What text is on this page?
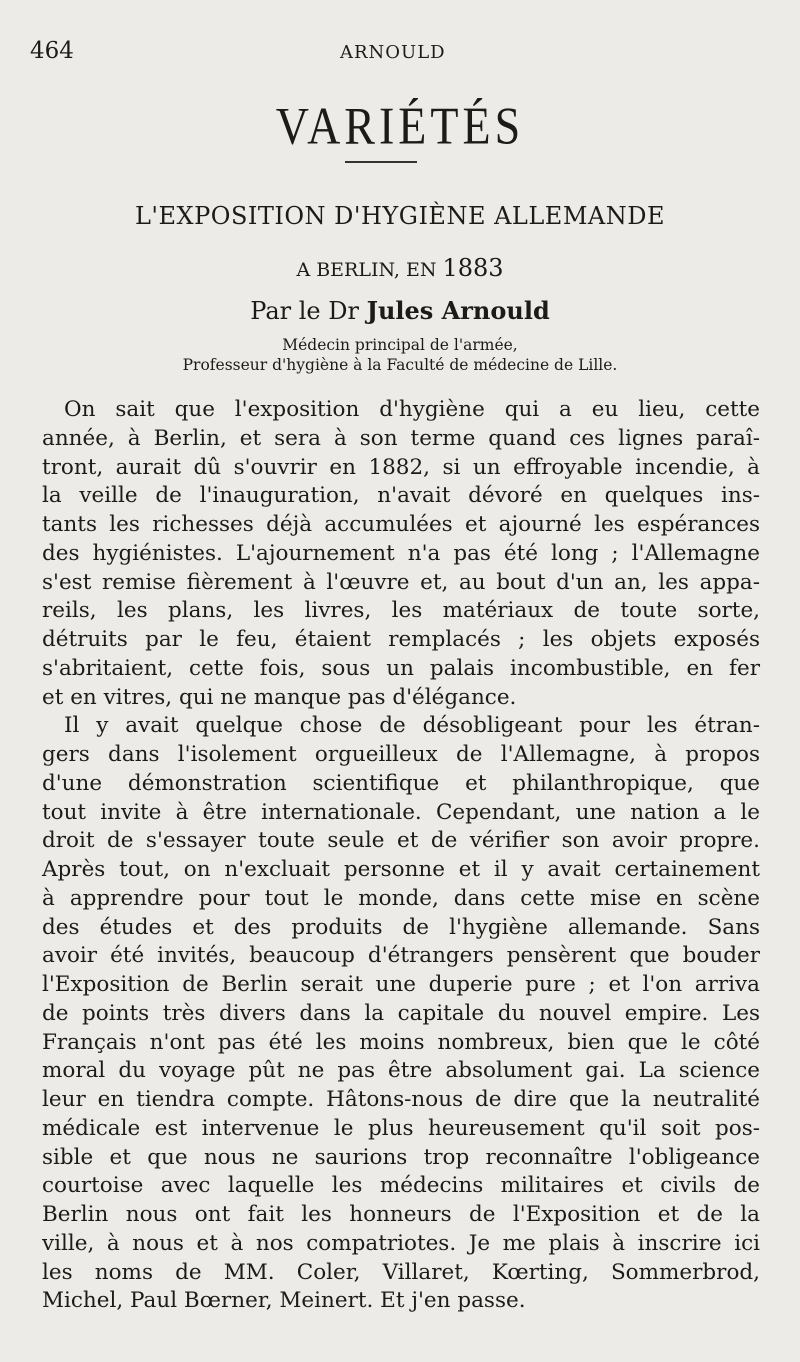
464	ARNOULD
VARIÉTÉS
L'EXPOSITION D'HYGIÈNE ALLEMANDE
A BERLIN, EN 1883
Par le Dr Jules Arnould
Médecin principal de l'armée,
Professeur d'hygiène à la Faculté de médecine de Lille.
On sait que l'exposition d'hygiène qui a eu lieu, cette
année, à Berlin, et sera à son terme quand ces lignes paraî-
tront, aurait dû s'ouvrir en 1882, si un effroyable incendie, à
la veille de l'inauguration, n'avait dévoré en quelques ins-
tants les richesses déjà accumulées et ajourné les espérances
des hygiénistes. L'ajournement n'a pas été long ; l'Allemagne
s'est remise fièrement à l'œuvre et, au bout d'un an, les appa-
reils, les plans, les livres, les matériaux de toute sorte,
détruits par le feu, étaient remplacés ; les objets exposés
s'abritaient, cette fois, sous un palais incombustible, en fer
et en vitres, qui ne manque pas d'élégance.
Il y avait quelque chose de désobligeant pour les étran-
gers dans l'isolement orgueilleux de l'Allemagne, à propos
d'une démonstration scientifique et philanthropique, que
tout invite à être internationale. Cependant, une nation a le
droit de s'essayer toute seule et de vérifier son avoir propre.
Après tout, on n'excluait personne et il y avait certainement
à apprendre pour tout le monde, dans cette mise en scène
des études et des produits de l'hygiène allemande. Sans
avoir été invités, beaucoup d'étrangers pensèrent que bouder
l'Exposition de Berlin serait une duperie pure ; et l'on arriva
de points très divers dans la capitale du nouvel empire. Les
Français n'ont pas été les moins nombreux, bien que le côté
moral du voyage pût ne pas être absolument gai. La science
leur en tiendra compte. Hâtons-nous de dire que la neutralité
médicale est intervenue le plus heureusement qu'il soit pos-
sible et que nous ne saurions trop reconnaître l'obligeance
courtoise avec laquelle les médecins militaires et civils de
Berlin nous ont fait les honneurs de l'Exposition et de la
ville, à nous et à nos compatriotes. Je me plais à inscrire ici
les noms de MM. Coler, Villaret, Kœrting, Sommerbrod,
Michel, Paul Bœrner, Meinert. Et j'en passe.
